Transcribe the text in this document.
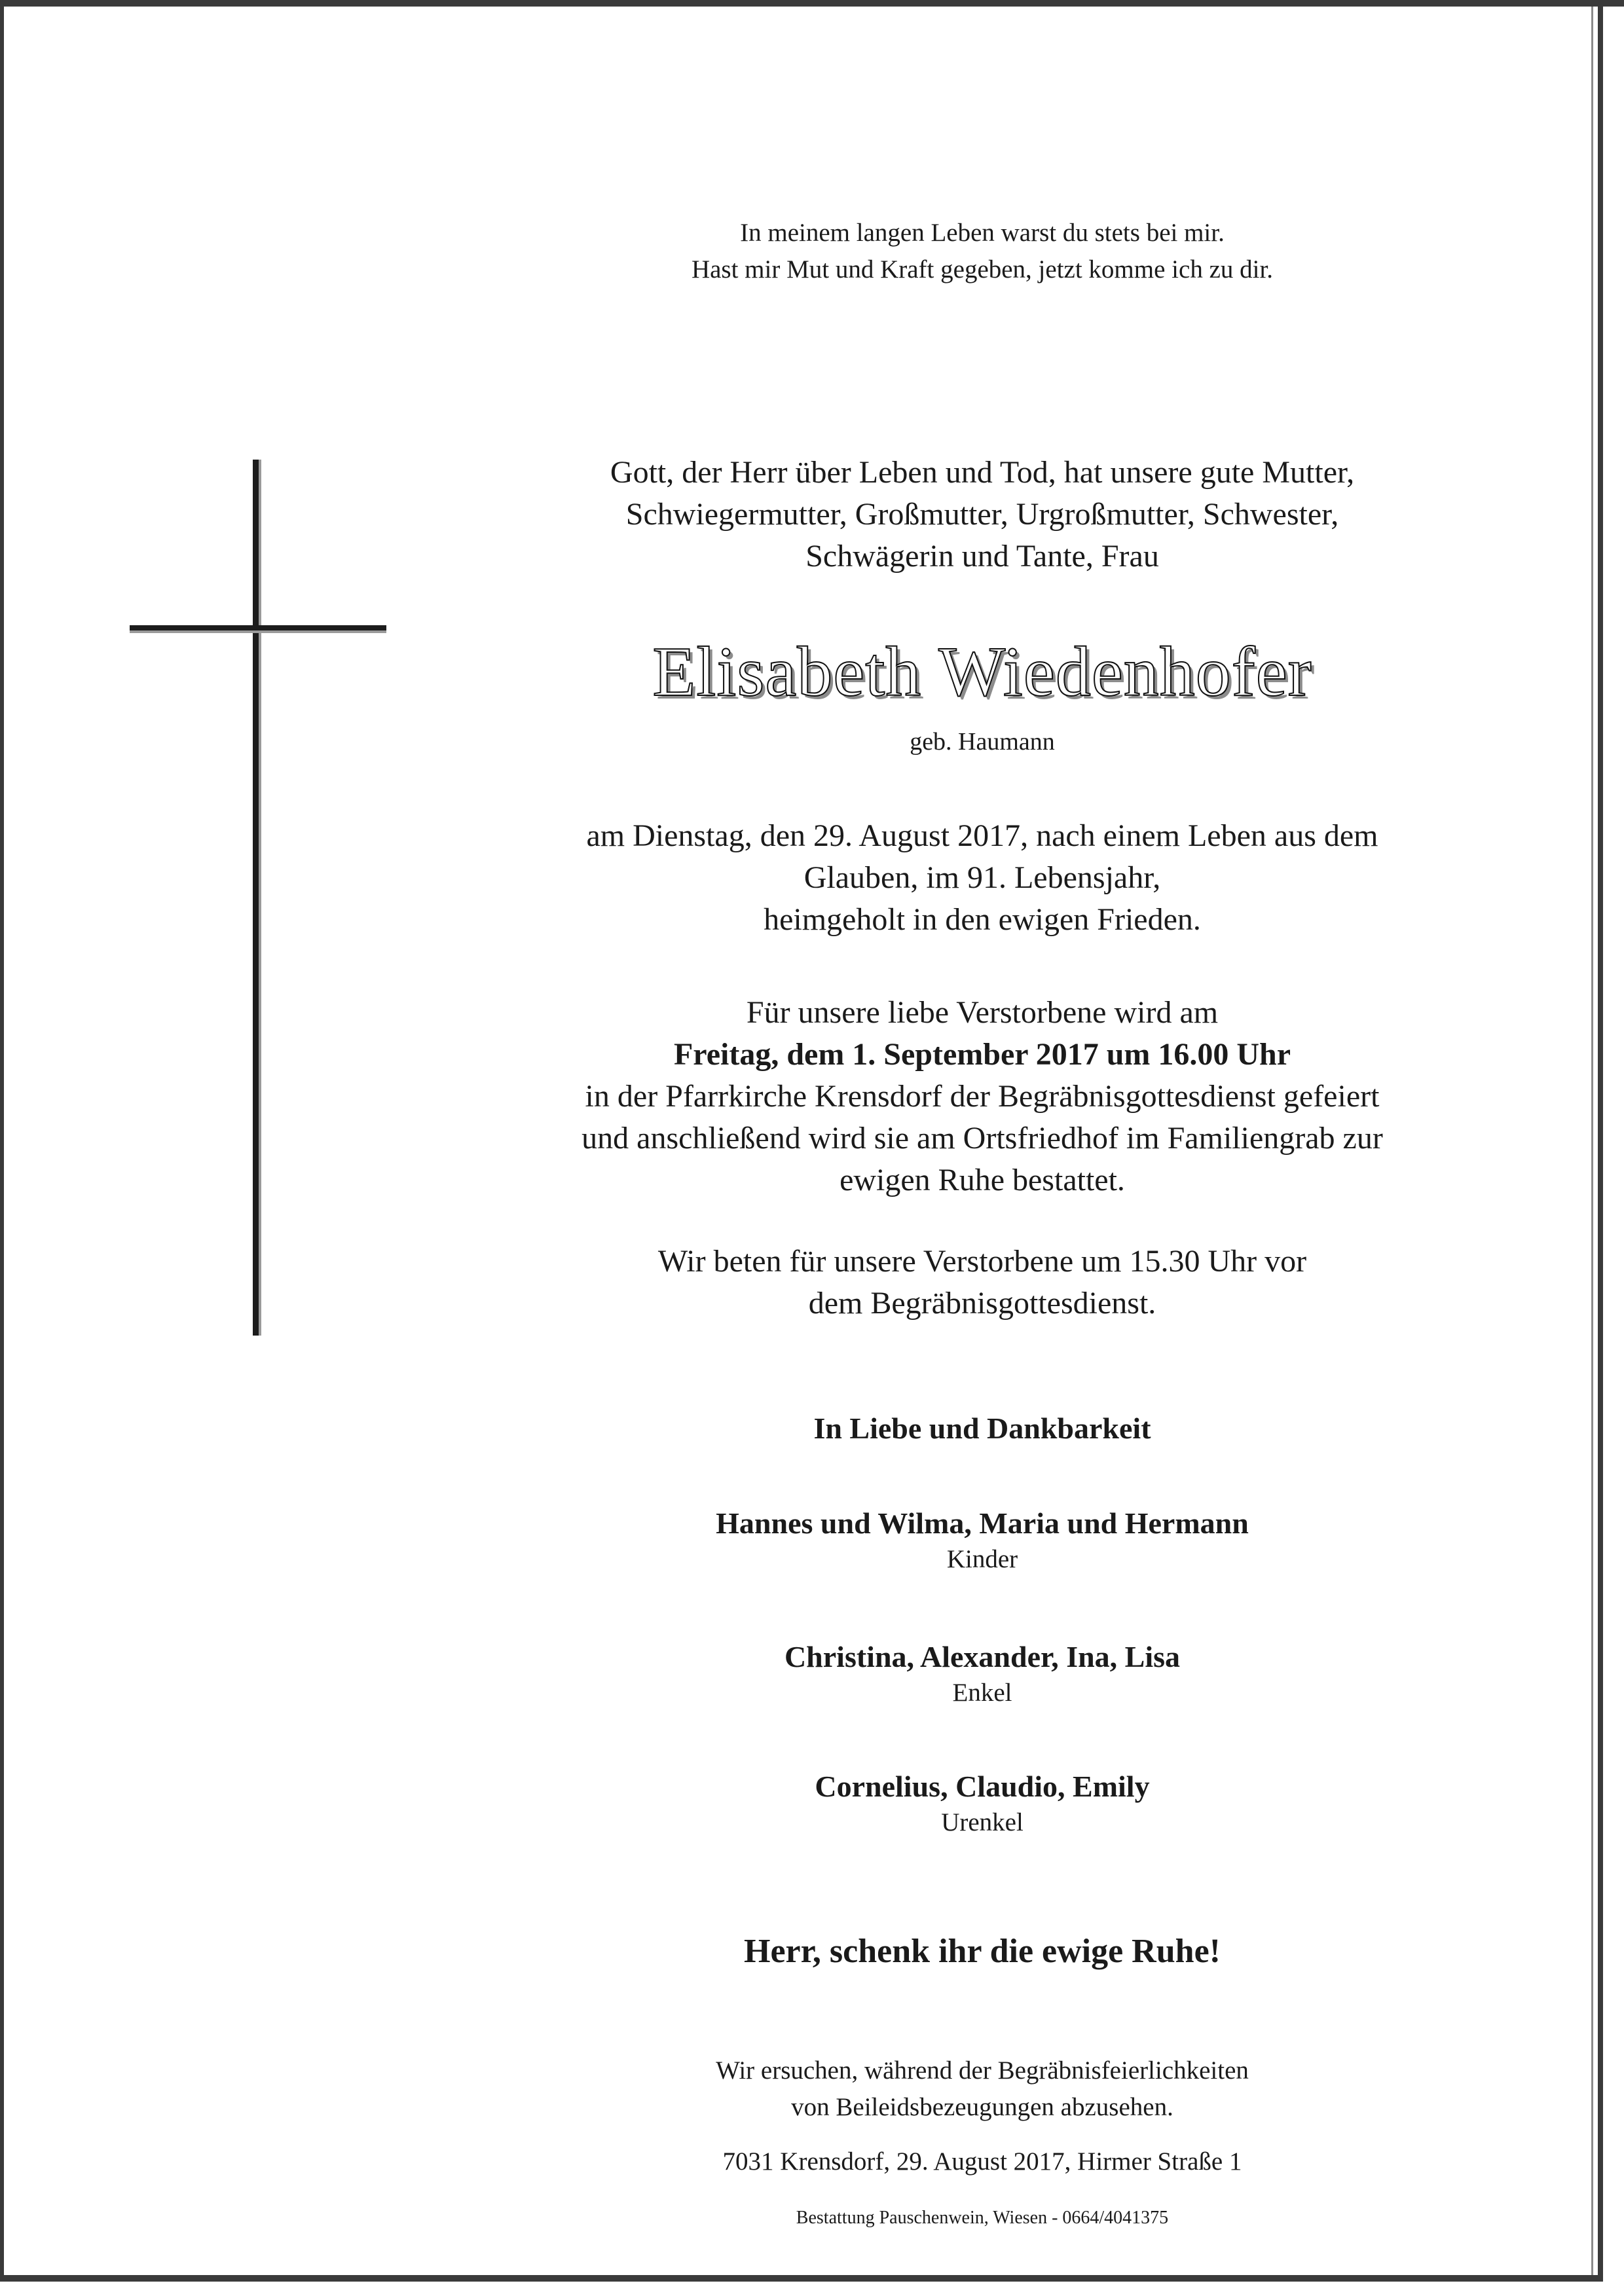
In meinem langen Leben warst du stets bei mir.
Hast mir Mut und Kraft gegeben, jetzt komme ich zu dir.
Gott, der Herr über Leben und Tod, hat unsere gute Mutter,
Schwiegermutter, Großmutter, Urgroßmutter, Schwester,
Schwägerin und Tante, Frau
Elisabeth Wiedenhofer
geb. Haumann
am Dienstag, den 29. August 2017, nach einem Leben aus dem
Glauben, im 91. Lebensjahr,
heimgeholt in den ewigen Frieden.
Für unsere liebe Verstorbene wird am
Freitag, dem 1. September 2017 um 16.00 Uhr
in der Pfarrkirche Krensdorf der Begräbnisgottesdienst gefeiert
und anschließend wird sie am Ortsfriedhof im Familiengrab zur
ewigen Ruhe bestattet.
Wir beten für unsere Verstorbene um 15.30 Uhr vor
dem Begräbnisgottesdienst.
In Liebe und Dankbarkeit
Hannes und Wilma, Maria und Hermann
Kinder
Christina, Alexander, Ina, Lisa
Enkel
Cornelius, Claudio, Emily
Urenkel
Herr, schenk ihr die ewige Ruhe!
Wir ersuchen, während der Begräbnisfeierlichkeiten
von Beileidsbezeugungen abzusehen.
7031 Krensdorf, 29. August 2017, Hirmer Straße 1
Bestattung Pauschenwein, Wiesen - 0664/4041375
